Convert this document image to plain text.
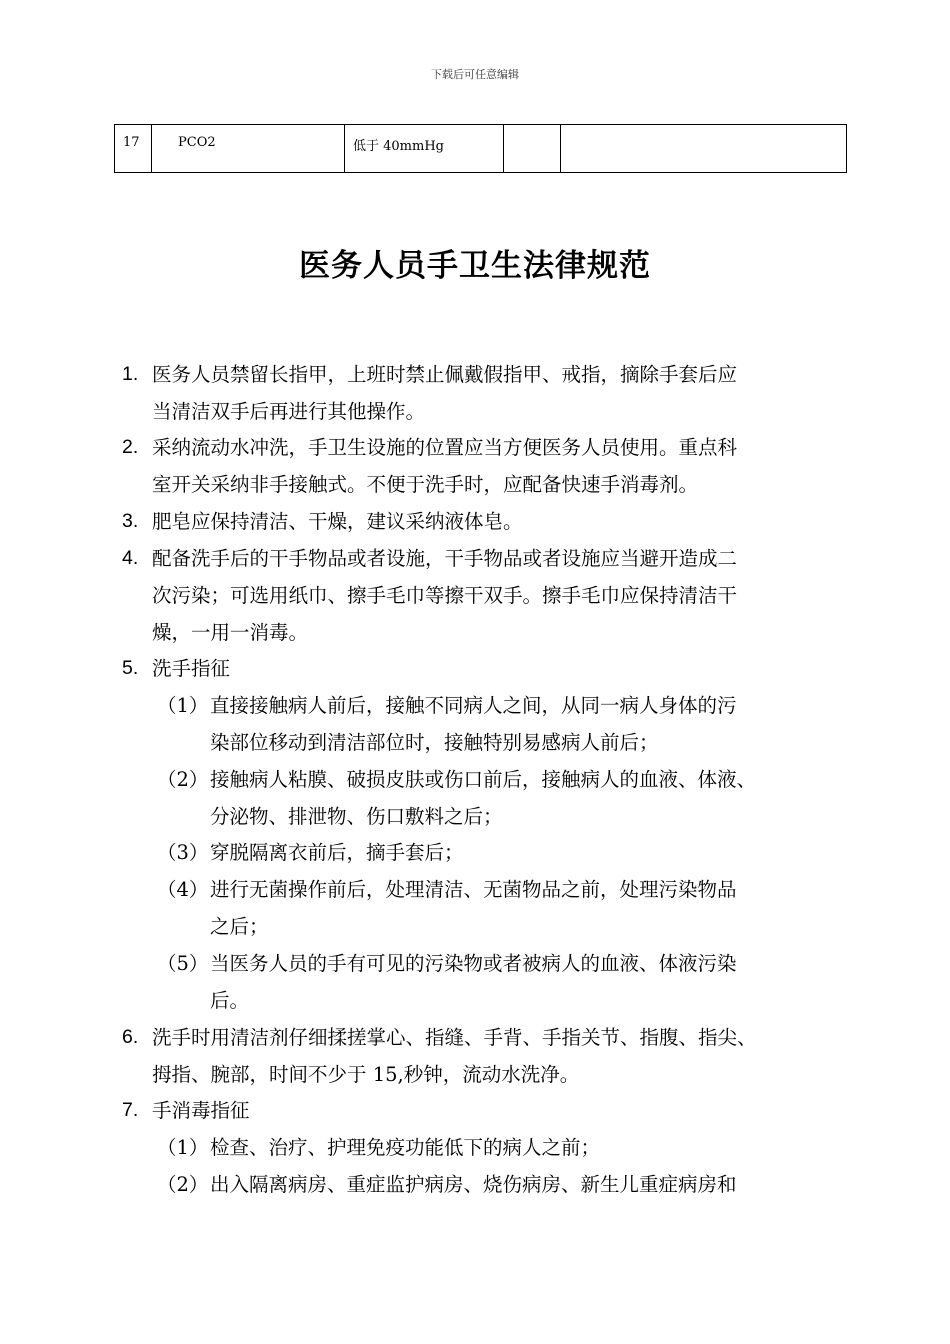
下载后可任意编辑
17	PCO2	低于 40mmHg		
医务人员手卫生法律规范
1. 医务人员禁留长指甲，上班时禁止佩戴假指甲、戒指，摘除手套后应
当清洁双手后再进行其他操作。
2. 采纳流动水冲洗，手卫生设施的位置应当方便医务人员使用。重点科
室开关采纳非手接触式。不便于洗手时，应配备快速手消毒剂。
3. 肥皂应保持清洁、干燥，建议采纳液体皂。
4. 配备洗手后的干手物品或者设施，干手物品或者设施应当避开造成二
次污染；可选用纸巾、擦手毛巾等擦干双手。擦手毛巾应保持清洁干
燥，一用一消毒。
5. 洗手指征
（1） 直接接触病人前后，接触不同病人之间，从同一病人身体的污
染部位移动到清洁部位时，接触特别易感病人前后；
（2） 接触病人粘膜、破损皮肤或伤口前后，接触病人的血液、体液、
分泌物、排泄物、伤口敷料之后；
（3） 穿脱隔离衣前后，摘手套后；
（4） 进行无菌操作前后，处理清洁、无菌物品之前，处理污染物品
之后；
（5） 当医务人员的手有可见的污染物或者被病人的血液、体液污染
后。
6. 洗手时用清洁剂仔细揉搓掌心、指缝、手背、手指关节、指腹、指尖、
拇指、腕部，时间不少于 15,秒钟，流动水洗净。
7. 手消毒指征
（1） 检查、治疗、护理免疫功能低下的病人之前；
（2） 出入隔离病房、重症监护病房、烧伤病房、新生儿重症病房和
